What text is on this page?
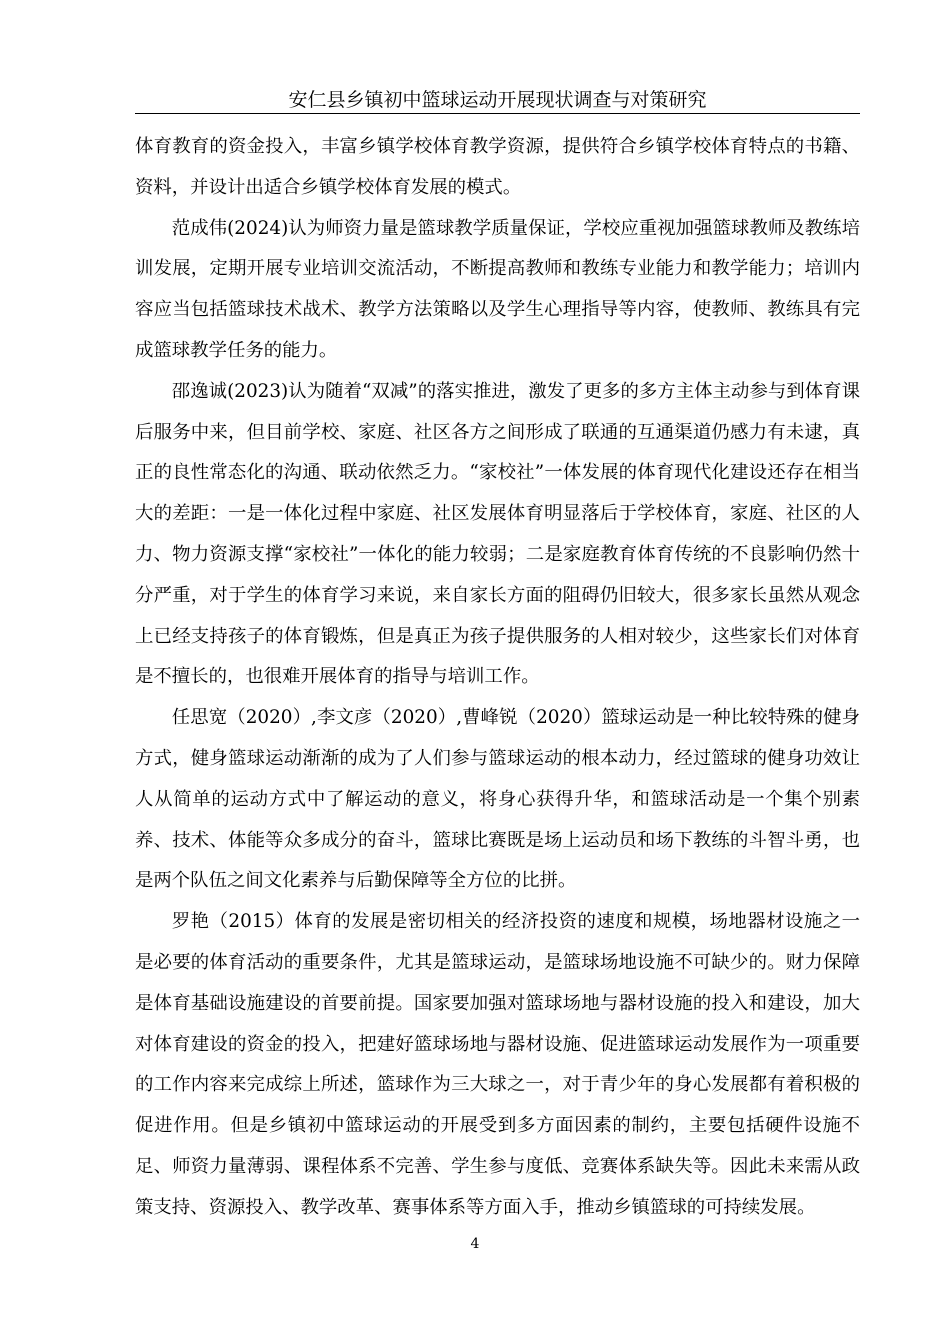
安仁县乡镇初中篮球运动开展现状调查与对策研究

体育教育的资金投入，丰富乡镇学校体育教学资源，提供符合乡镇学校体育特点的书籍、资料，并设计出适合乡镇学校体育发展的模式。

范成伟(2024)认为师资力量是篮球教学质量保证，学校应重视加强篮球教师及教练培训发展，定期开展专业培训交流活动，不断提高教师和教练专业能力和教学能力；培训内容应当包括篮球技术战术、教学方法策略以及学生心理指导等内容，使教师、教练具有完成篮球教学任务的能力。

邵逸诚(2023)认为随着“双减”的落实推进，激发了更多的多方主体主动参与到体育课后服务中来，但目前学校、家庭、社区各方之间形成了联通的互通渠道仍感力有未逮，真正的良性常态化的沟通、联动依然乏力。“家校社”一体发展的体育现代化建设还存在相当大的差距：一是一体化过程中家庭、社区发展体育明显落后于学校体育，家庭、社区的人力、物力资源支撑“家校社”一体化的能力较弱；二是家庭教育体育传统的不良影响仍然十分严重，对于学生的体育学习来说，来自家长方面的阻碍仍旧较大，很多家长虽然从观念上已经支持孩子的体育锻炼，但是真正为孩子提供服务的人相对较少，这些家长们对体育是不擅长的，也很难开展体育的指导与培训工作。

任思宽（2020）,李文彦（2020）,曹峰锐（2020）篮球运动是一种比较特殊的健身方式，健身篮球运动渐渐的成为了人们参与篮球运动的根本动力，经过篮球的健身功效让人从简单的运动方式中了解运动的意义，将身心获得升华，和篮球活动是一个集个别素养、技术、体能等众多成分的奋斗，篮球比赛既是场上运动员和场下教练的斗智斗勇，也是两个队伍之间文化素养与后勤保障等全方位的比拼。

罗艳（2015）体育的发展是密切相关的经济投资的速度和规模，场地器材设施之一是必要的体育活动的重要条件，尤其是篮球运动，是篮球场地设施不可缺少的。财力保障是体育基础设施建设的首要前提。国家要加强对篮球场地与器材设施的投入和建设，加大对体育建设的资金的投入，把建好篮球场地与器材设施、促进篮球运动发展作为一项重要的工作内容来完成综上所述，篮球作为三大球之一，对于青少年的身心发展都有着积极的促进作用。但是乡镇初中篮球运动的开展受到多方面因素的制约，主要包括硬件设施不足、师资力量薄弱、课程体系不完善、学生参与度低、竞赛体系缺失等。因此未来需从政策支持、资源投入、教学改革、赛事体系等方面入手，推动乡镇篮球的可持续发展。

4
